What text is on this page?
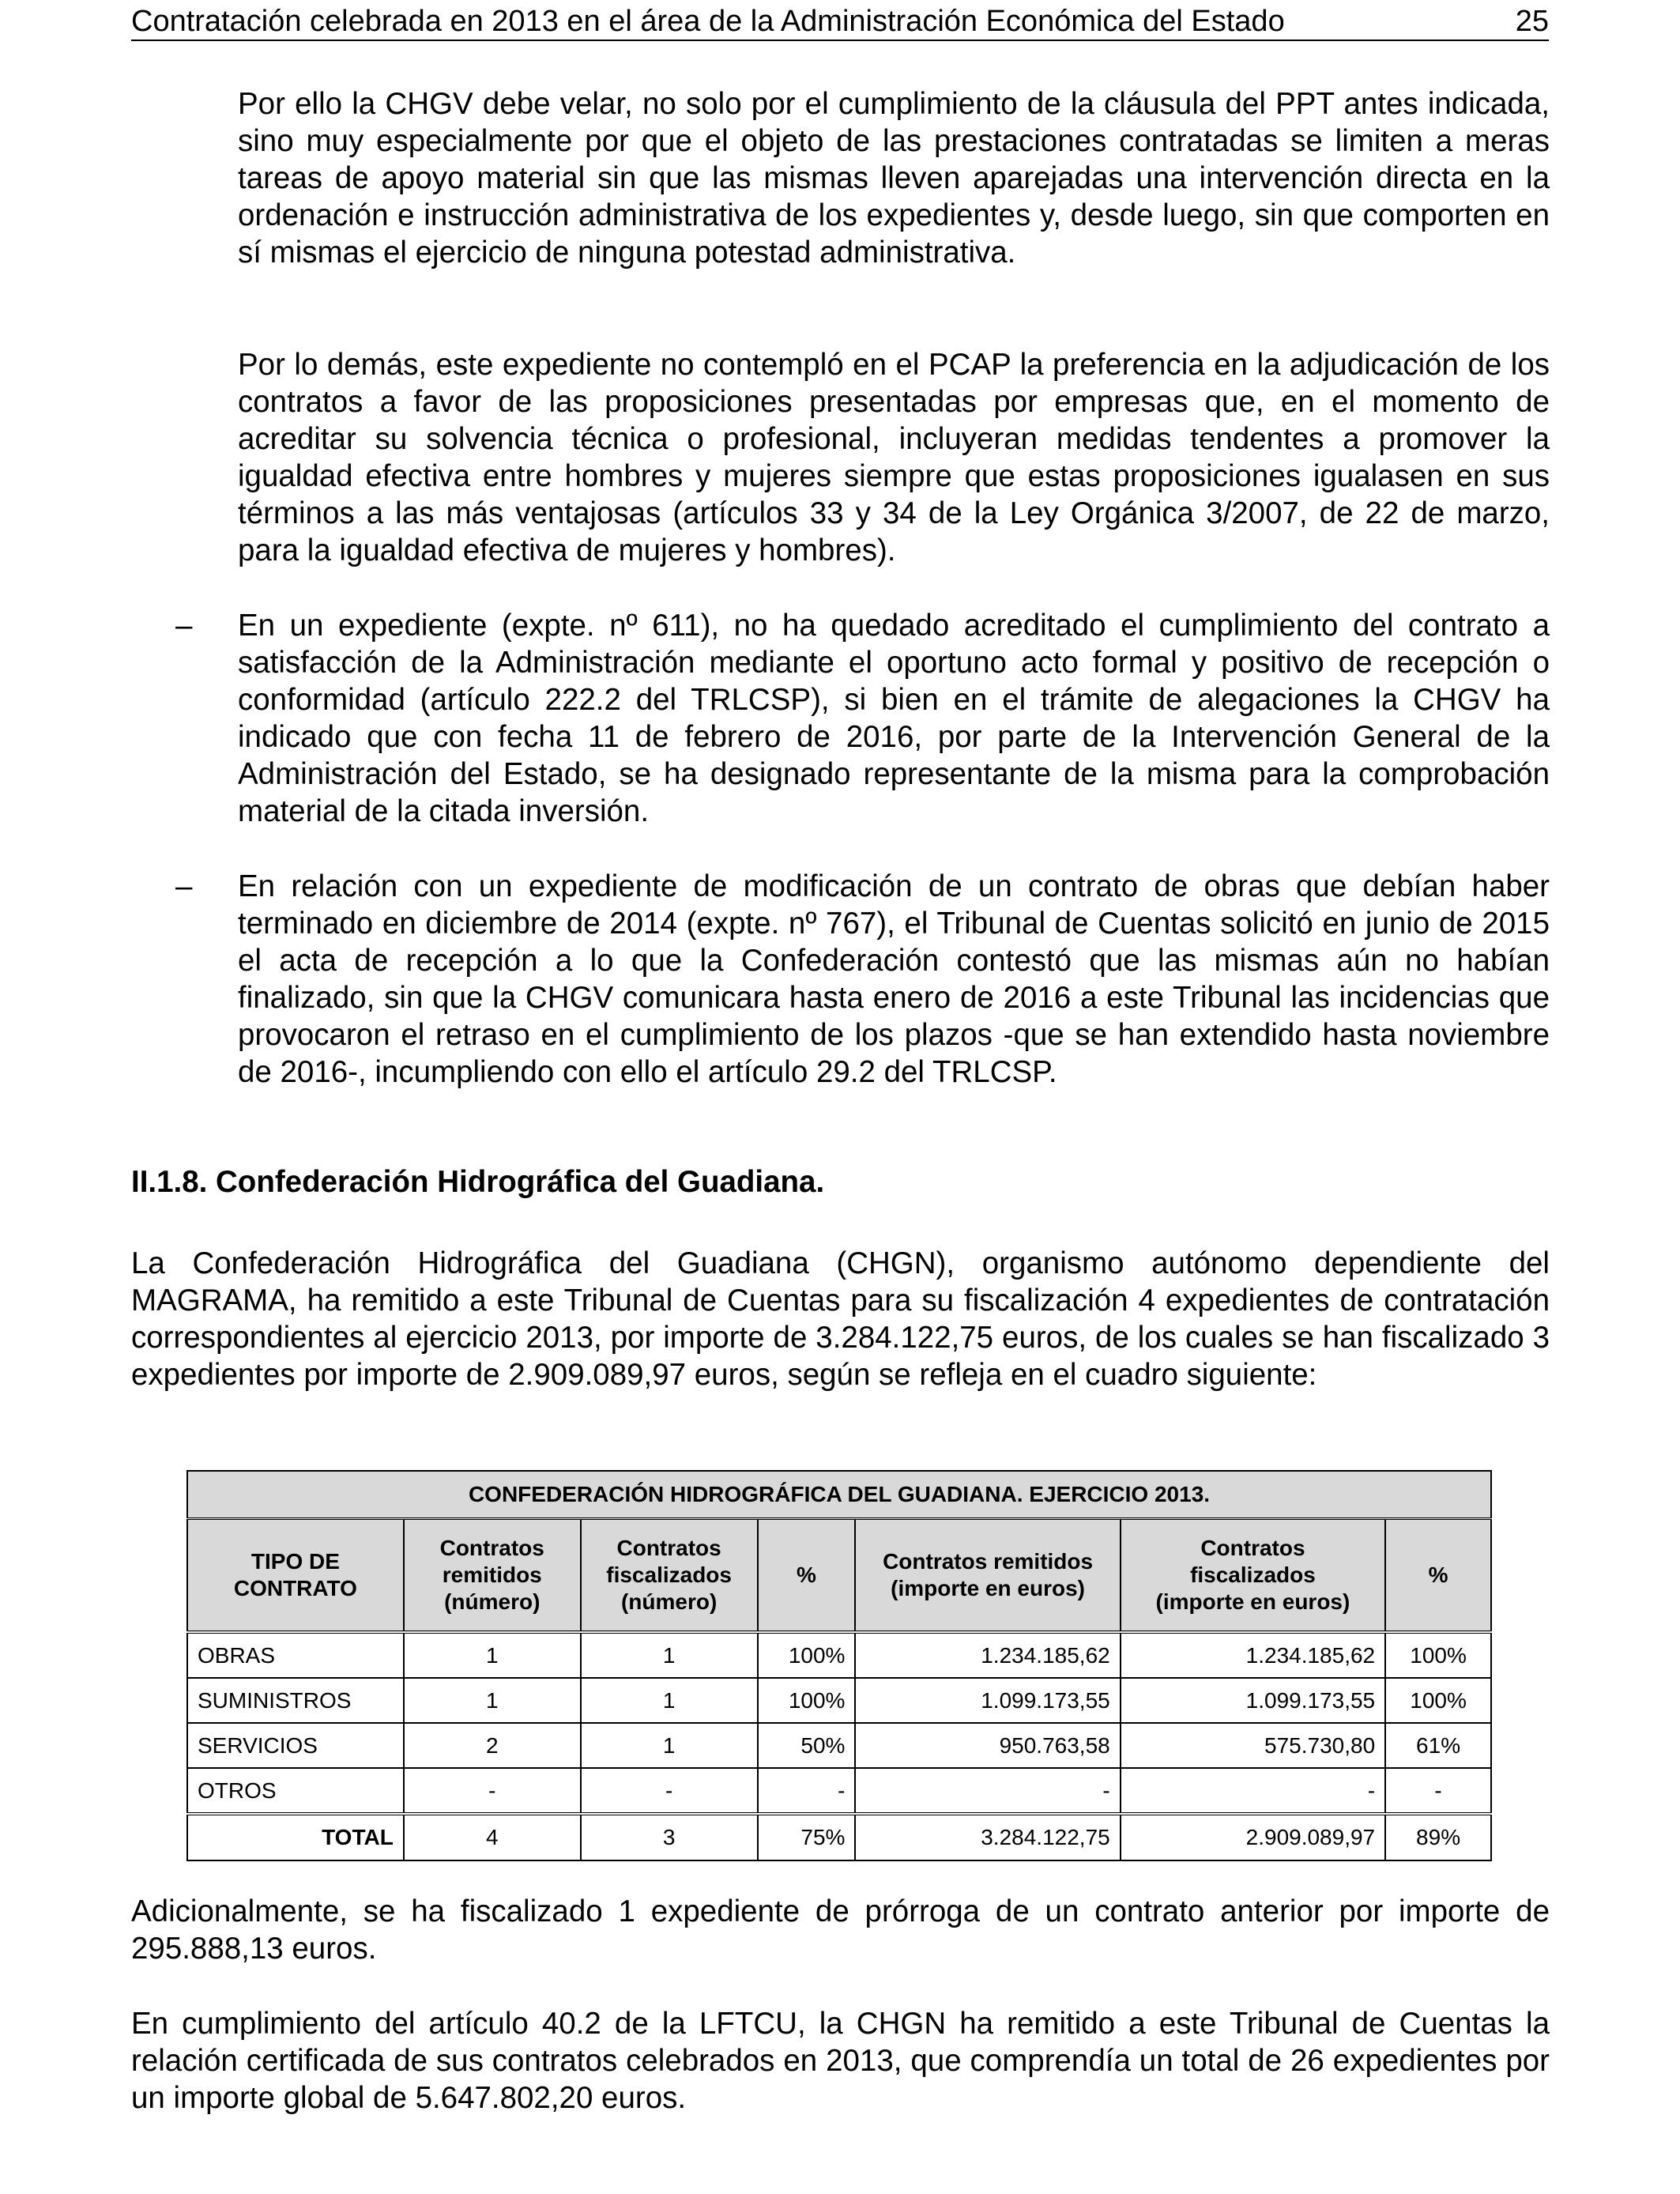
Contratación celebrada en 2013 en el área de la Administración Económica del Estado	25

Por ello la CHGV debe velar, no solo por el cumplimiento de la cláusula del PPT antes indicada, sino muy especialmente por que el objeto de las prestaciones contratadas se limiten a meras tareas de apoyo material sin que las mismas lleven aparejadas una intervención directa en la ordenación e instrucción administrativa de los expedientes y, desde luego, sin que comporten en sí mismas el ejercicio de ninguna potestad administrativa.

Por lo demás, este expediente no contempló en el PCAP la preferencia en la adjudicación de los contratos a favor de las proposiciones presentadas por empresas que, en el momento de acreditar su solvencia técnica o profesional, incluyeran medidas tendentes a promover la igualdad efectiva entre hombres y mujeres siempre que estas proposiciones igualasen en sus términos a las más ventajosas (artículos 33 y 34 de la Ley Orgánica 3/2007, de 22 de marzo, para la igualdad efectiva de mujeres y hombres).

– En un expediente (expte. nº 611), no ha quedado acreditado el cumplimiento del contrato a satisfacción de la Administración mediante el oportuno acto formal y positivo de recepción o conformidad (artículo 222.2 del TRLCSP), si bien en el trámite de alegaciones la CHGV ha indicado que con fecha 11 de febrero de 2016, por parte de la Intervención General de la Administración del Estado, se ha designado representante de la misma para la comprobación material de la citada inversión.

– En relación con un expediente de modificación de un contrato de obras que debían haber terminado en diciembre de 2014 (expte. nº 767), el Tribunal de Cuentas solicitó en junio de 2015 el acta de recepción a lo que la Confederación contestó que las mismas aún no habían finalizado, sin que la CHGV comunicara hasta enero de 2016 a este Tribunal las incidencias que provocaron el retraso en el cumplimiento de los plazos -que se han extendido hasta noviembre de 2016-, incumpliendo con ello el artículo 29.2 del TRLCSP.

II.1.8. Confederación Hidrográfica del Guadiana.

La Confederación Hidrográfica del Guadiana (CHGN), organismo autónomo dependiente del MAGRAMA, ha remitido a este Tribunal de Cuentas para su fiscalización 4 expedientes de contratación correspondientes al ejercicio 2013, por importe de 3.284.122,75 euros, de los cuales se han fiscalizado 3 expedientes por importe de 2.909.089,97 euros, según se refleja en el cuadro siguiente:

CONFEDERACIÓN HIDROGRÁFICA DEL GUADIANA. EJERCICIO 2013.						
TIPO DE CONTRATO	Contratos remitidos (número)	Contratos fiscalizados (número)	%	Contratos remitidos (importe en euros)	Contratos fiscalizados (importe en euros)	%
OBRAS	1	1	100%	1.234.185,62	1.234.185,62	100%
SUMINISTROS	1	1	100%	1.099.173,55	1.099.173,55	100%
SERVICIOS	2	1	50%	950.763,58	575.730,80	61%
OTROS	-	-	-	-	-	-
TOTAL	4	3	75%	3.284.122,75	2.909.089,97	89%

Adicionalmente, se ha fiscalizado 1 expediente de prórroga de un contrato anterior por importe de 295.888,13 euros.

En cumplimiento del artículo 40.2 de la LFTCU, la CHGN ha remitido a este Tribunal de Cuentas la relación certificada de sus contratos celebrados en 2013, que comprendía un total de 26 expedientes por un importe global de 5.647.802,20 euros.
